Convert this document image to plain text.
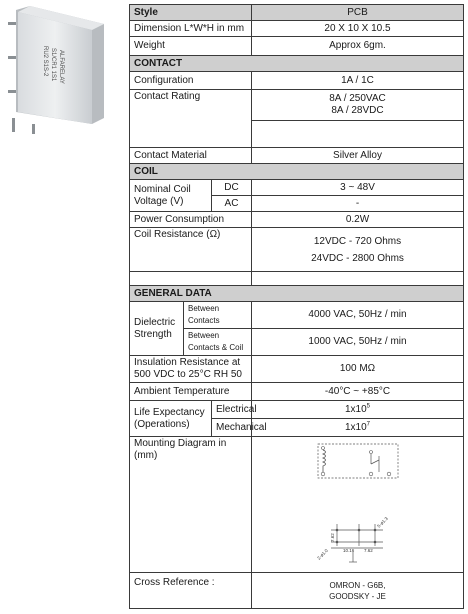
ALFARELAY
S1/CR1 1S1
RU2 S1S-2
Style			PCB
Dimension L*W*H in mm			20 X 10 X 10.5
Weight			Approx 6gm.
CONTACT			
Configuration			1A / 1C
Contact Rating			8A / 250VAC
8A / 28VDC

Contact Material			Silver Alloy
COIL			
Nominal Coil Voltage (V)		DC	3 ~ 48V
		AC	-
Power Consumption			0.2W
Coil Resistance (Ω)			12VDC - 720 Ohms
24VDC - 2800 Ohms

GENERAL DATA			
Dielectric Strength	Between Contacts		4000 VAC, 50Hz / min
	Between Contacts & Coil		1000 VAC, 50Hz / min
Insulation Resistance at 500 VDC to 25°C RH 50			100 MΩ
Ambient Temperature			-40°C ~ +85°C
Life Expectancy (Operations)		Electrical	$1x10^5$
		Mechanical	$1x10^7$
Mounting Diagram in (mm)			10.16 7.62
7.62
5-ø1.3
2-ø1.0

Cross Reference :			OMRON - G6B,
GOODSKY - JE
